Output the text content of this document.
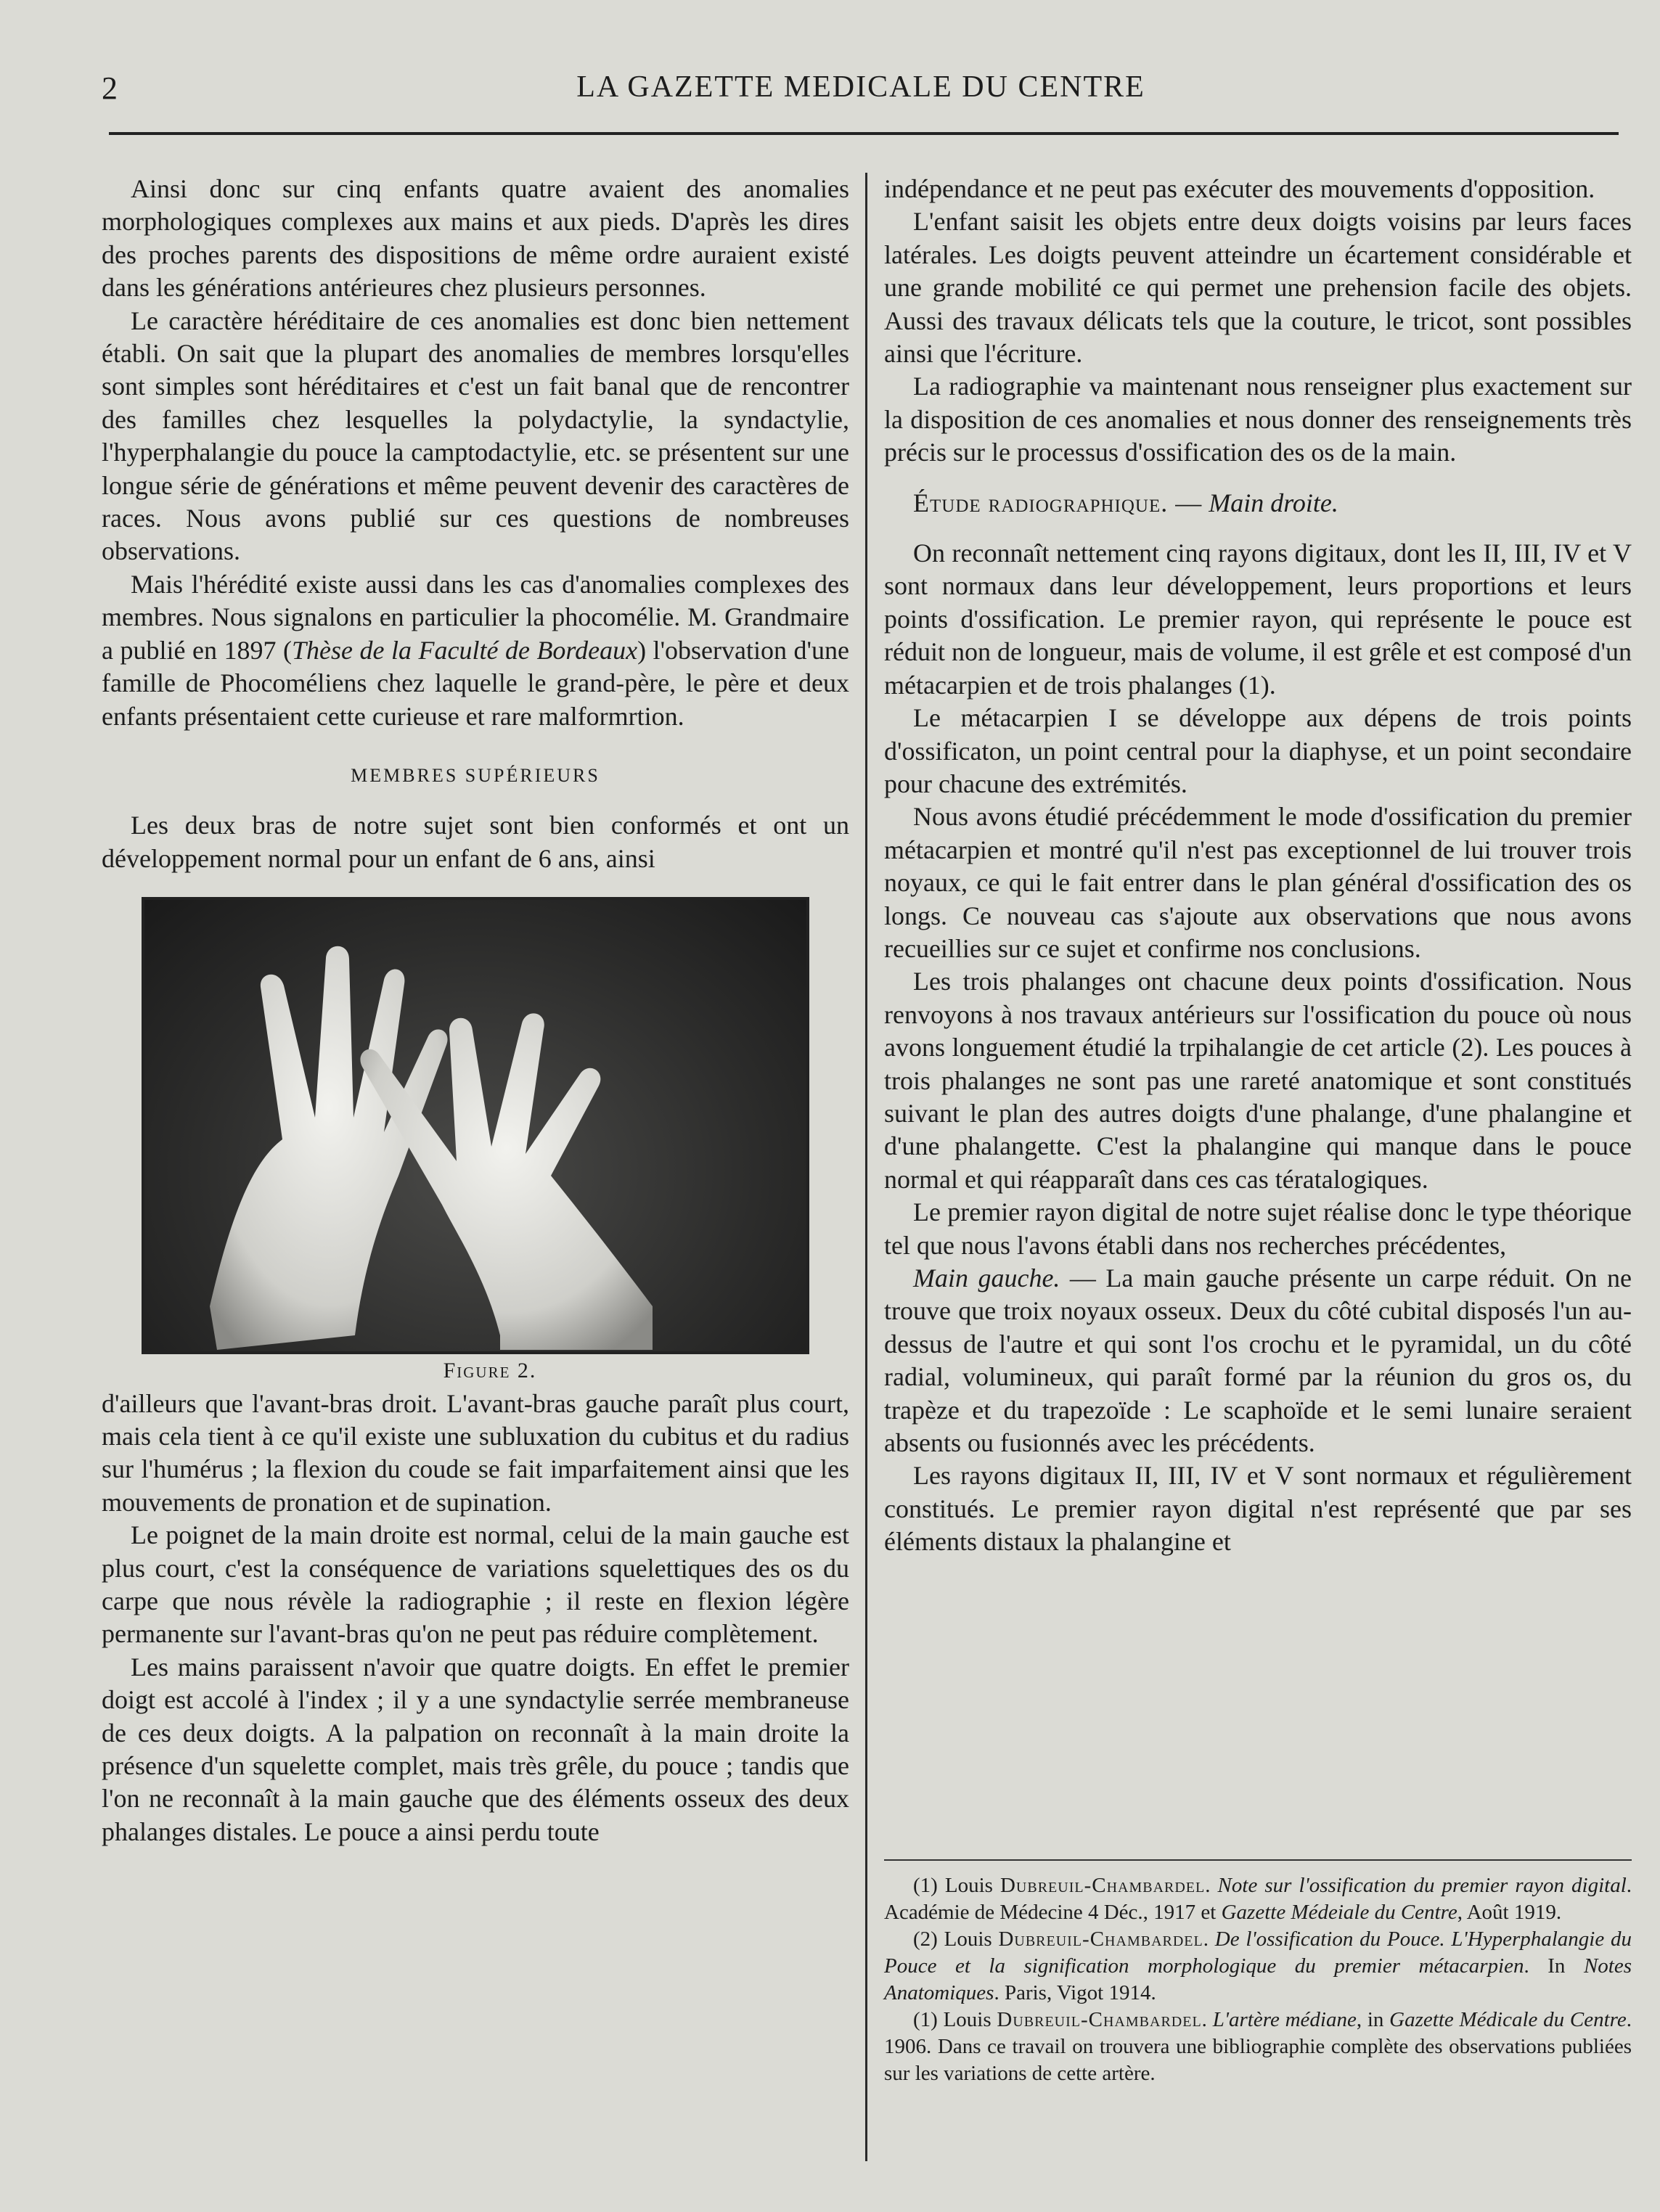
2	LA GAZETTE MEDICALE DU CENTRE

Ainsi donc sur cinq enfants quatre avaient des anomalies morphologiques complexes aux mains et aux pieds. D'après les dires des proches parents des dispositions de même ordre auraient existé dans les générations antérieures chez plusieurs personnes.

Le caractère héréditaire de ces anomalies est donc bien nettement établi. On sait que la plupart des anomalies de membres lorsqu'elles sont simples sont héréditaires et c'est un fait banal que de rencontrer des familles chez lesquelles la polydactylie, la syndactylie, l'hyperphalangie du pouce la camptodactylie, etc. se présentent sur une longue série de générations et même peuvent devenir des caractères de races. Nous avons publié sur ces questions de nombreuses observations.

Mais l'hérédité existe aussi dans les cas d'anomalies complexes des membres. Nous signalons en particulier la phocomélie. M. Grandmaire a publié en 1897 (Thèse de la Faculté de Bordeaux) l'observation d'une famille de Phocoméliens chez laquelle le grand-père, le père et deux enfants présentaient cette curieuse et rare malformrtion.

MEMBRES SUPÉRIEURS

Les deux bras de notre sujet sont bien conformés et ont un développement normal pour un enfant de 6 ans, ainsi

Figure 2.

d'ailleurs que l'avant-bras droit. L'avant-bras gauche paraît plus court, mais cela tient à ce qu'il existe une subluxation du cubitus et du radius sur l'humérus ; la flexion du coude se fait imparfaitement ainsi que les mouvements de pronation et de supination.

Le poignet de la main droite est normal, celui de la main gauche est plus court, c'est la conséquence de variations squelettiques des os du carpe que nous révèle la radiographie ; il reste en flexion légère permanente sur l'avant-bras qu'on ne peut pas réduire complètement.

Les mains paraissent n'avoir que quatre doigts. En effet le premier doigt est accolé à l'index ; il y a une syndactylie serrée membraneuse de ces deux doigts. A la palpation on reconnaît à la main droite la présence d'un squelette complet, mais très grêle, du pouce ; tandis que l'on ne reconnaît à la main gauche que des éléments osseux des deux phalanges distales. Le pouce a ainsi perdu toute

indépendance et ne peut pas exécuter des mouvements d'opposition.

L'enfant saisit les objets entre deux doigts voisins par leurs faces latérales. Les doigts peuvent atteindre un écartement considérable et une grande mobilité ce qui permet une prehension facile des objets. Aussi des travaux délicats tels que la couture, le tricot, sont possibles ainsi que l'écriture.

La radiographie va maintenant nous renseigner plus exactement sur la disposition de ces anomalies et nous donner des renseignements très précis sur le processus d'ossification des os de la main.

Étude radiographique. — Main droite.

On reconnaît nettement cinq rayons digitaux, dont les II, III, IV et V sont normaux dans leur développement, leurs proportions et leurs points d'ossification. Le premier rayon, qui représente le pouce est réduit non de longueur, mais de volume, il est grêle et est composé d'un métacarpien et de trois phalanges (1).

Le métacarpien I se développe aux dépens de trois points d'ossificaton, un point central pour la diaphyse, et un point secondaire pour chacune des extrémités.

Nous avons étudié précédemment le mode d'ossification du premier métacarpien et montré qu'il n'est pas exceptionnel de lui trouver trois noyaux, ce qui le fait entrer dans le plan général d'ossification des os longs. Ce nouveau cas s'ajoute aux observations que nous avons recueillies sur ce sujet et confirme nos conclusions.

Les trois phalanges ont chacune deux points d'ossification. Nous renvoyons à nos travaux antérieurs sur l'ossification du pouce où nous avons longuement étudié la trpihalangie de cet article (2). Les pouces à trois phalanges ne sont pas une rareté anatomique et sont constitués suivant le plan des autres doigts d'une phalange, d'une phalangine et d'une phalangette. C'est la phalangine qui manque dans le pouce normal et qui réapparaît dans ces cas tératalogiques.

Le premier rayon digital de notre sujet réalise donc le type théorique tel que nous l'avons établi dans nos recherches précédentes,

Main gauche. — La main gauche présente un carpe réduit. On ne trouve que troix noyaux osseux. Deux du côté cubital disposés l'un au-dessus de l'autre et qui sont l'os crochu et le pyramidal, un du côté radial, volumineux, qui paraît formé par la réunion du gros os, du trapèze et du trapezoïde : Le scaphoïde et le semi lunaire seraient absents ou fusionnés avec les précédents.

Les rayons digitaux II, III, IV et V sont normaux et régulièrement constitués. Le premier rayon digital n'est représenté que par ses éléments distaux la phalangine et

(1) Louis Dubreuil-Chambardel. Note sur l'ossification du premier rayon digital. Académie de Médecine 4 Déc., 1917 et Gazette Médeiale du Centre, Août 1919.

(2) Louis Dubreuil-Chambardel. De l'ossification du Pouce. L'Hyperphalangie du Pouce et la signification morphologique du premier métacarpien. In Notes Anatomiques. Paris, Vigot 1914.

(1) Louis Dubreuil-Chambardel. L'artère médiane, in Gazette Médicale du Centre. 1906. Dans ce travail on trouvera une bibliographie complète des observations publiées sur les variations de cette artère.
